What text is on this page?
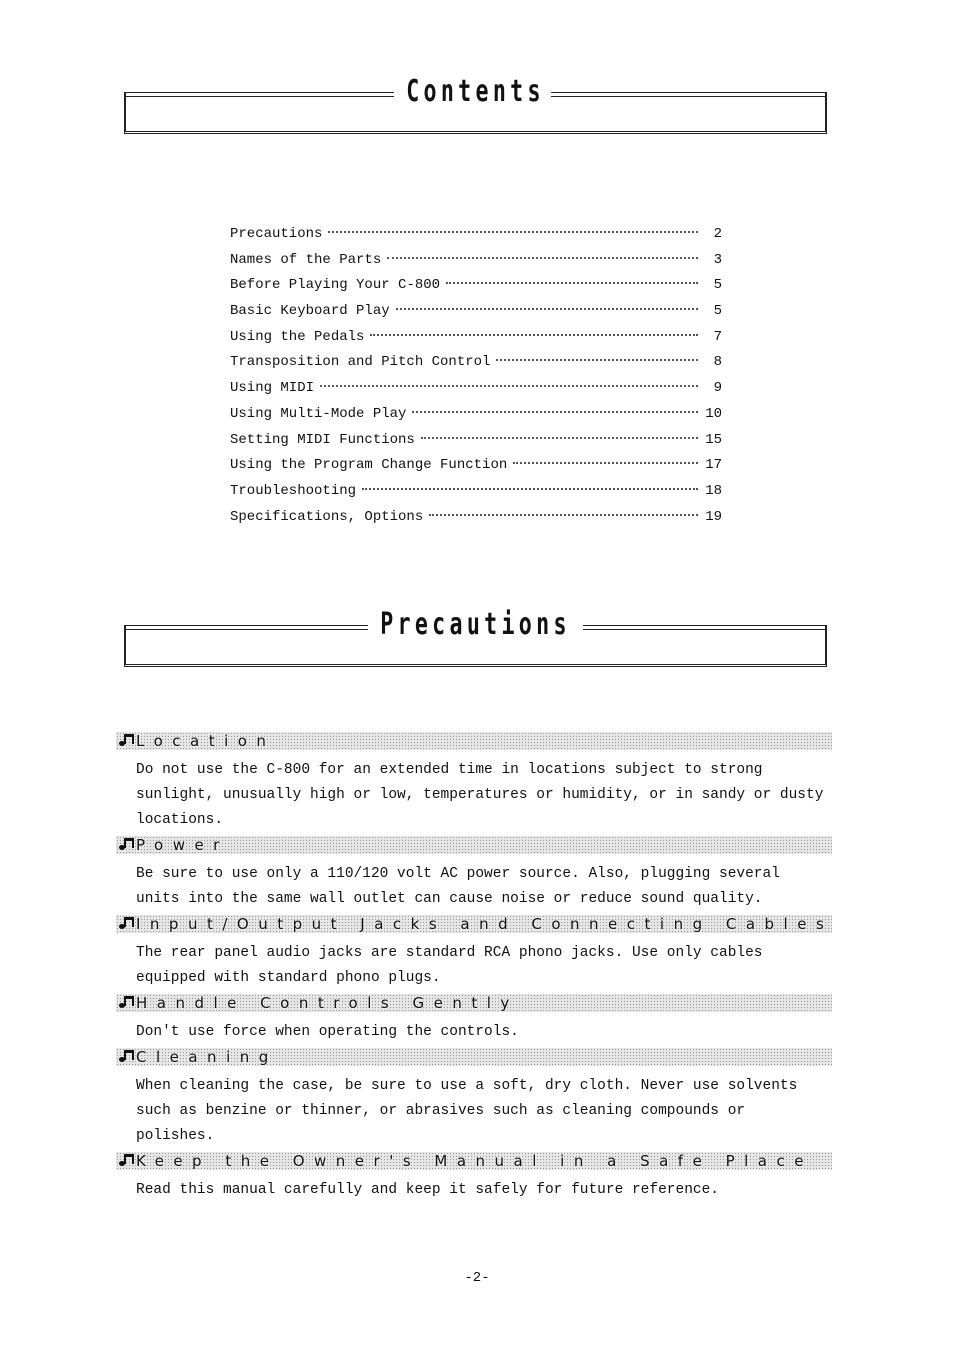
Contents
Precautions	2
Names of the Parts	3
Before Playing Your C-800	5
Basic Keyboard Play	5
Using the Pedals	7
Transposition and Pitch Control	8
Using MIDI	9
Using Multi-Mode Play	10
Setting MIDI Functions	15
Using the Program Change Function	17
Troubleshooting	18
Specifications, Options	19
Precautions
Location
Do not use the C-800 for an extended time in locations subject to strong sunlight, unusually high or low, temperatures or humidity, or in sandy or dusty locations.
Power
Be sure to use only a 110/120 volt AC power source. Also, plugging several units into the same wall outlet can cause noise or reduce sound quality.
Input/Output Jacks and Connecting Cables
The rear panel audio jacks are standard RCA phono jacks. Use only cables equipped with standard phono plugs.
Handle Controls Gently
Don't use force when operating the controls.
Cleaning
When cleaning the case, be sure to use a soft, dry cloth. Never use solvents such as benzine or thinner, or abrasives such as cleaning compounds or polishes.
Keep the Owner's Manual in a Safe Place
Read this manual carefully and keep it safely for future reference.
-2-
